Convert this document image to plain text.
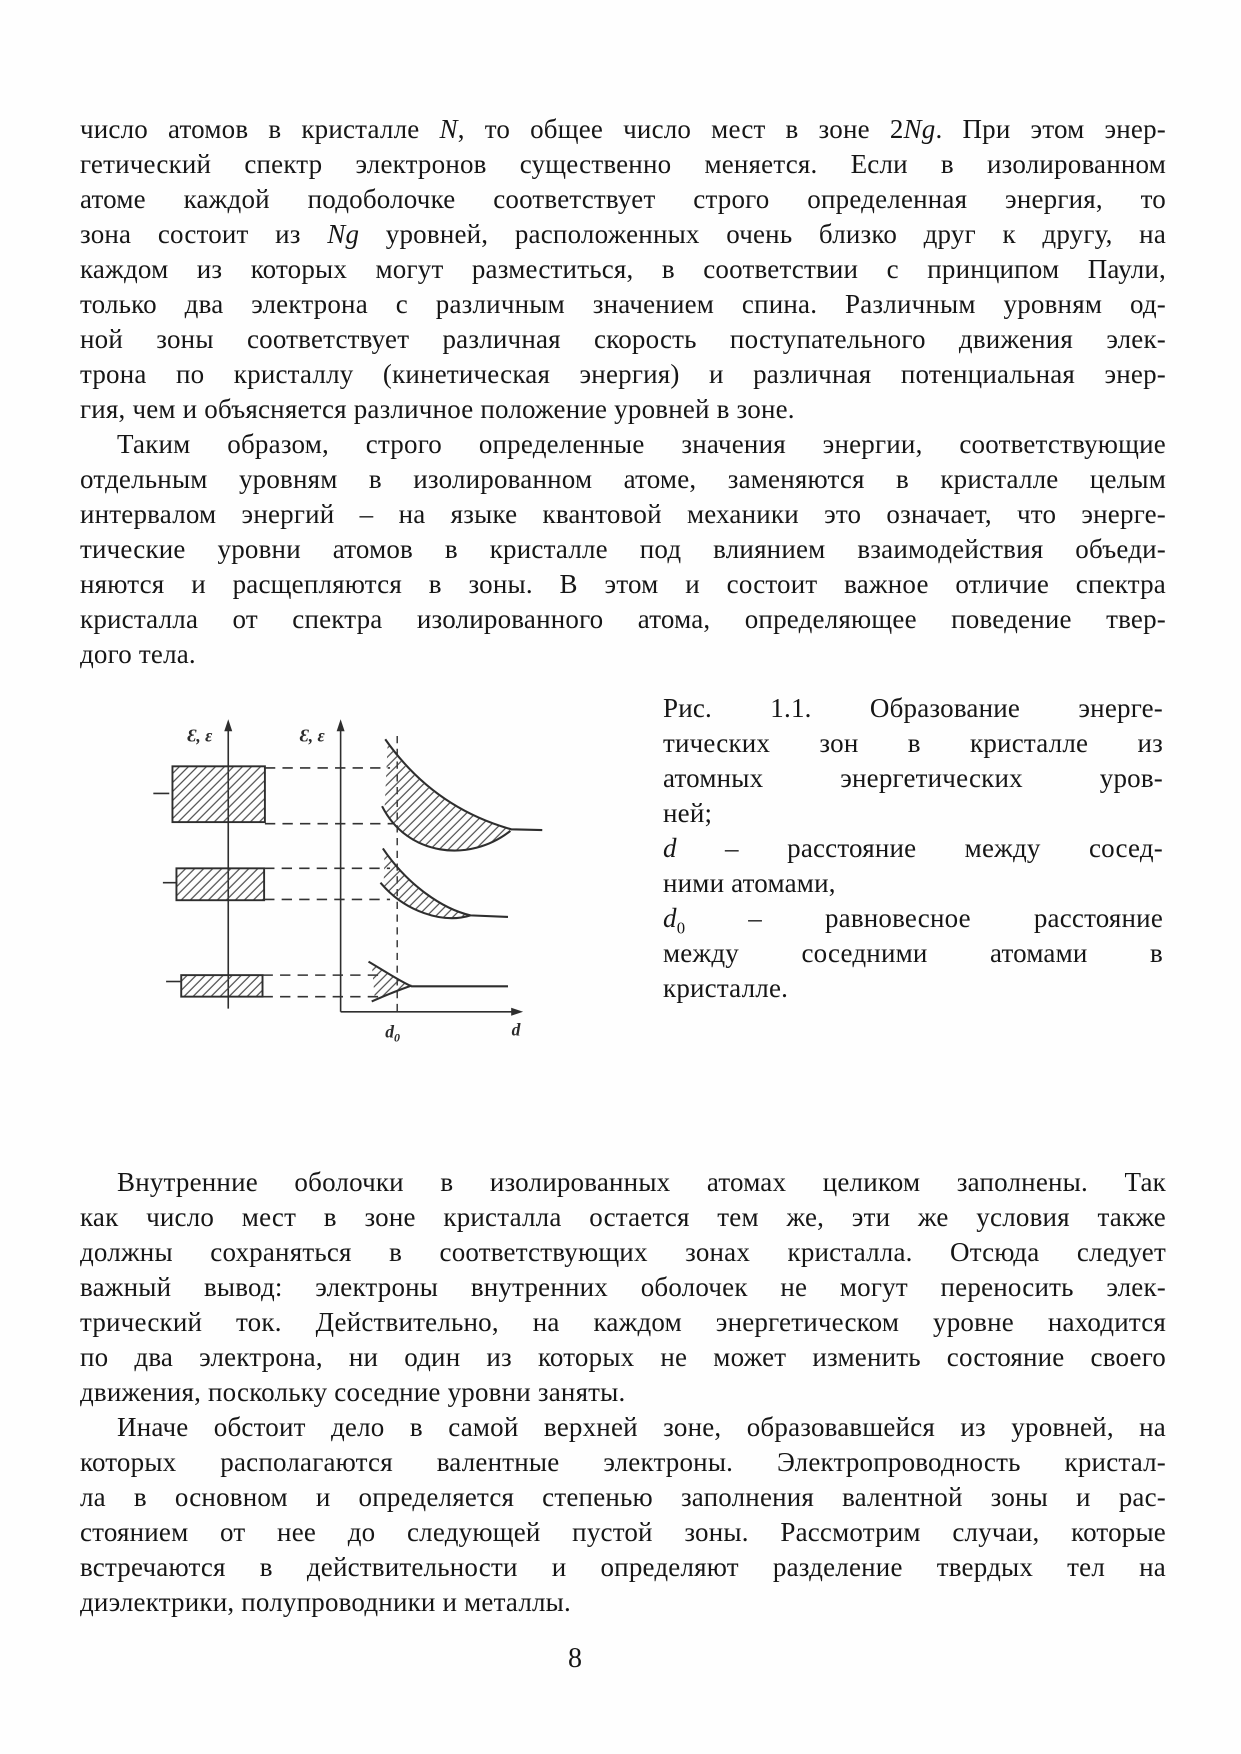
число атомов в кристалле N, то общее число мест в зоне 2Ng. При этом энер-
гетический спектр электронов существенно меняется. Если в изолированном
атоме каждой подоболочке соответствует строго определенная энергия, то
зона состоит из Ng уровней, расположенных очень близко друг к другу, на
каждом из которых могут разместиться, в соответствии с принципом Паули,
только два электрона с различным значением спина. Различным уровням од-
ной зоны соответствует различная скорость поступательного движения элек-
трона по кристаллу (кинетическая энергия) и различная потенциальная энер-
гия, чем и объясняется различное положение уровней в зоне.
Таким образом, строго определенные значения энергии, соответствующие
отдельным уровням в изолированном атоме, заменяются в кристалле целым
интервалом энергий – на языке квантовой механики это означает, что энерге-
тические уровни атомов в кристалле под влиянием взаимодействия объеди-
няются и расщепляются в зоны. В этом и состоит важное отличие спектра
кристалла от спектра изолированного атома, определяющее поведение твер-
дого тела.
Ɛ, ε	Ɛ, ε
d
$d_0$
Рис. 1.1. Образование энерге-
тических зон в кристалле из
атомных энергетических уров-
ней;
d – расстояние между сосед-
ними атомами,
$d_0$ – равновесное расстояние
между соседними атомами в
кристалле.
Внутренние оболочки в изолированных атомах целиком заполнены. Так
как число мест в зоне кристалла остается тем же, эти же условия также
должны сохраняться в соответствующих зонах кристалла. Отсюда следует
важный вывод: электроны внутренних оболочек не могут переносить элек-
трический ток. Действительно, на каждом энергетическом уровне находится
по два электрона, ни один из которых не может изменить состояние своего
движения, поскольку соседние уровни заняты.
Иначе обстоит дело в самой верхней зоне, образовавшейся из уровней, на
которых располагаются валентные электроны. Электропроводность кристал-
ла в основном и определяется степенью заполнения валентной зоны и рас-
стоянием от нее до следующей пустой зоны. Рассмотрим случаи, которые
встречаются в действительности и определяют разделение твердых тел на
диэлектрики, полупроводники и металлы.
8
